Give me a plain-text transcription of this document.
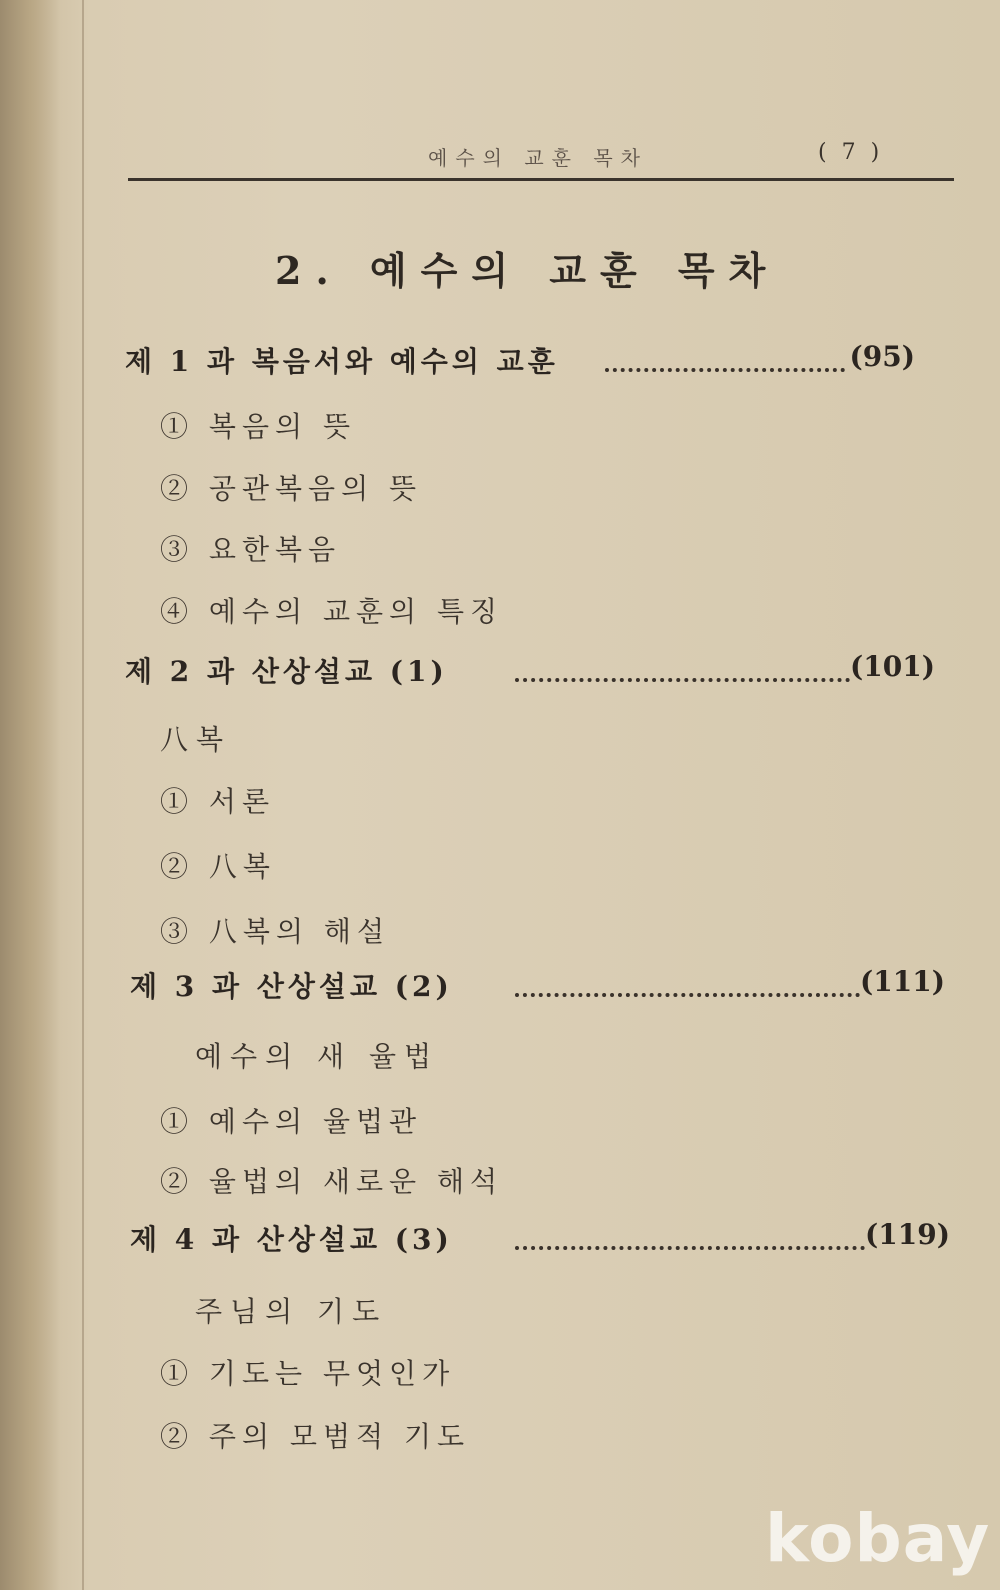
예수의 교훈 목차	( 7 )
2. 예수의 교훈 목차
제 1 과 복음서와 예수의 교훈	(95)
① 복음의 뜻
② 공관복음의 뜻
③ 요한복음
④ 예수의 교훈의 특징
제 2 과 산상설교 (1)	(101)
八복
① 서론
② 八복
③ 八복의 해설
제 3 과 산상설교 (2)	(111)
예수의 새 율법
① 예수의 율법관
② 율법의 새로운 해석
제 4 과 산상설교 (3)	(119)
주님의 기도
① 기도는 무엇인가
② 주의 모범적 기도
kobay
